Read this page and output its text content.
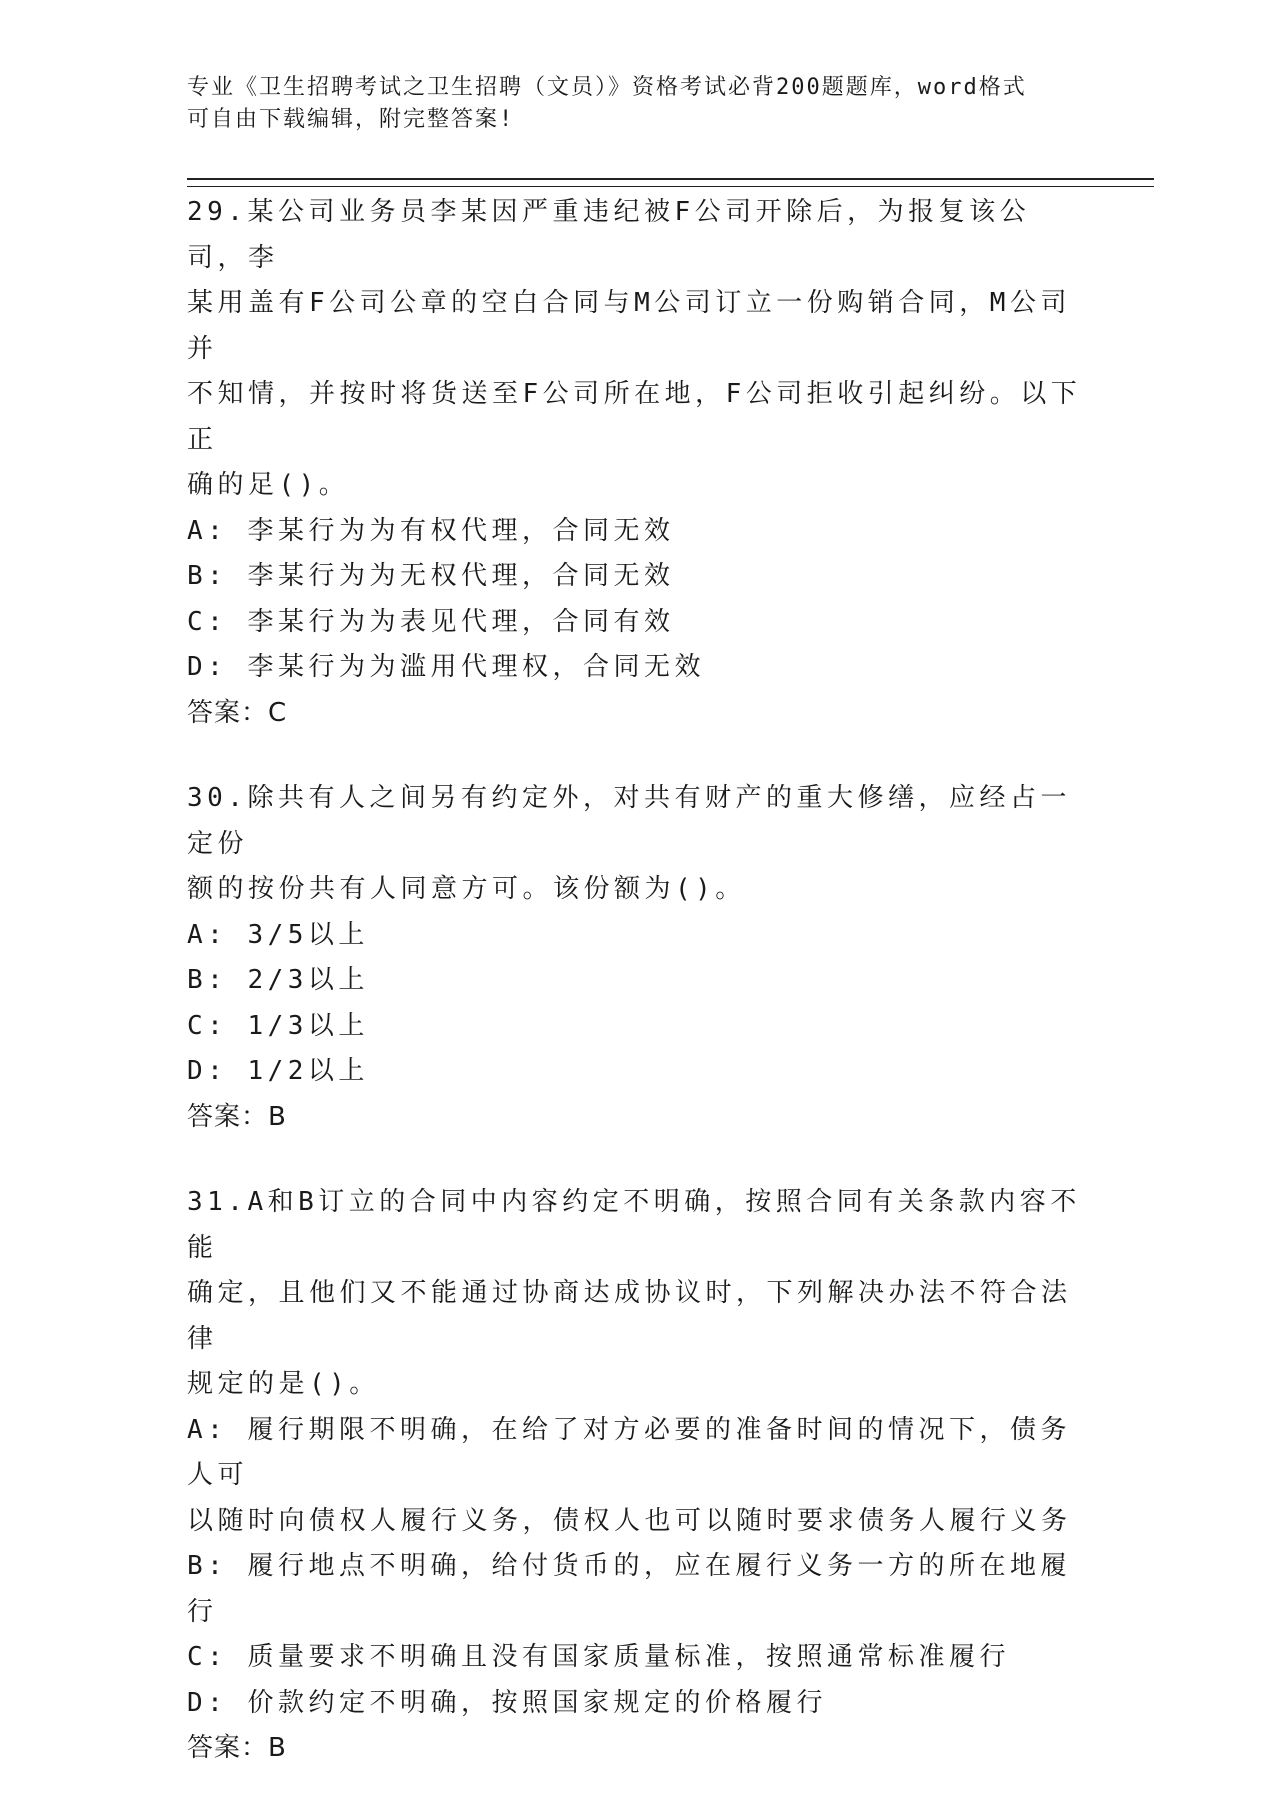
专业《卫生招聘考试之卫生招聘（文员）》资格考试必背200题题库，word格式
可自由下载编辑，附完整答案!
29.某公司业务员李某因严重违纪被F公司开除后，为报复该公司，李
某用盖有F公司公章的空白合同与M公司订立一份购销合同，M公司并
不知情，并按时将货送至F公司所在地，F公司拒收引起纠纷。以下正
确的足()。
A: 李某行为为有权代理，合同无效
B: 李某行为为无权代理，合同无效
C: 李某行为为表见代理，合同有效
D: 李某行为为滥用代理权，合同无效
答案：C
30.除共有人之间另有约定外，对共有财产的重大修缮，应经占一定份
额的按份共有人同意方可。该份额为()。
A: 3/5以上
B: 2/3以上
C: 1/3以上
D: 1/2以上
答案：B
31.A和B订立的合同中内容约定不明确，按照合同有关条款内容不能
确定，且他们又不能通过协商达成协议时，下列解决办法不符合法律
规定的是()。
A: 履行期限不明确，在给了对方必要的准备时间的情况下，债务人可
以随时向债权人履行义务，债权人也可以随时要求债务人履行义务
B: 履行地点不明确，给付货币的，应在履行义务一方的所在地履行
C: 质量要求不明确且没有国家质量标准，按照通常标准履行
D: 价款约定不明确，按照国家规定的价格履行
答案：B
